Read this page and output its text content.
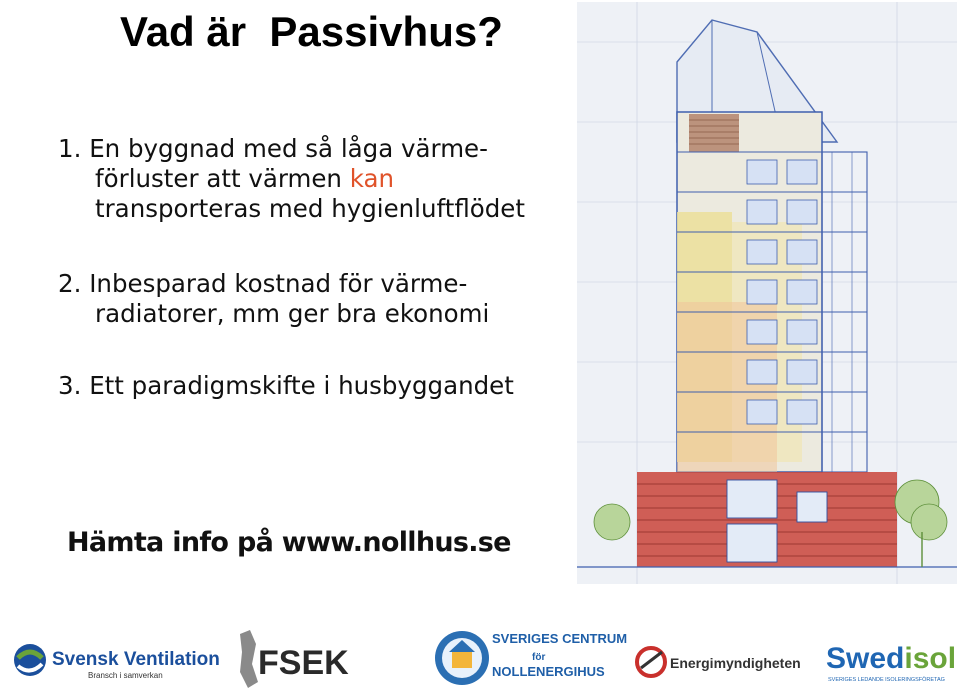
Vad är  Passivhus?
1. En byggnad med så låga värme-
förluster att värmen kan
transporteras med hygienluftflödet
2. Inbesparad kostnad för värme-
radiatorer, mm ger bra ekonomi
3. Ett paradigmskifte i husbyggandet
Hämta info på www.nollhus.se
Svensk Ventilation
Bransch i samverkan	FSEK
SVERIGES CENTRUM
för
NOLLENERGIHUS
Energimyndigheten Swedisol
SVERIGES LEDANDE ISOLERINGSFÖRETAG
